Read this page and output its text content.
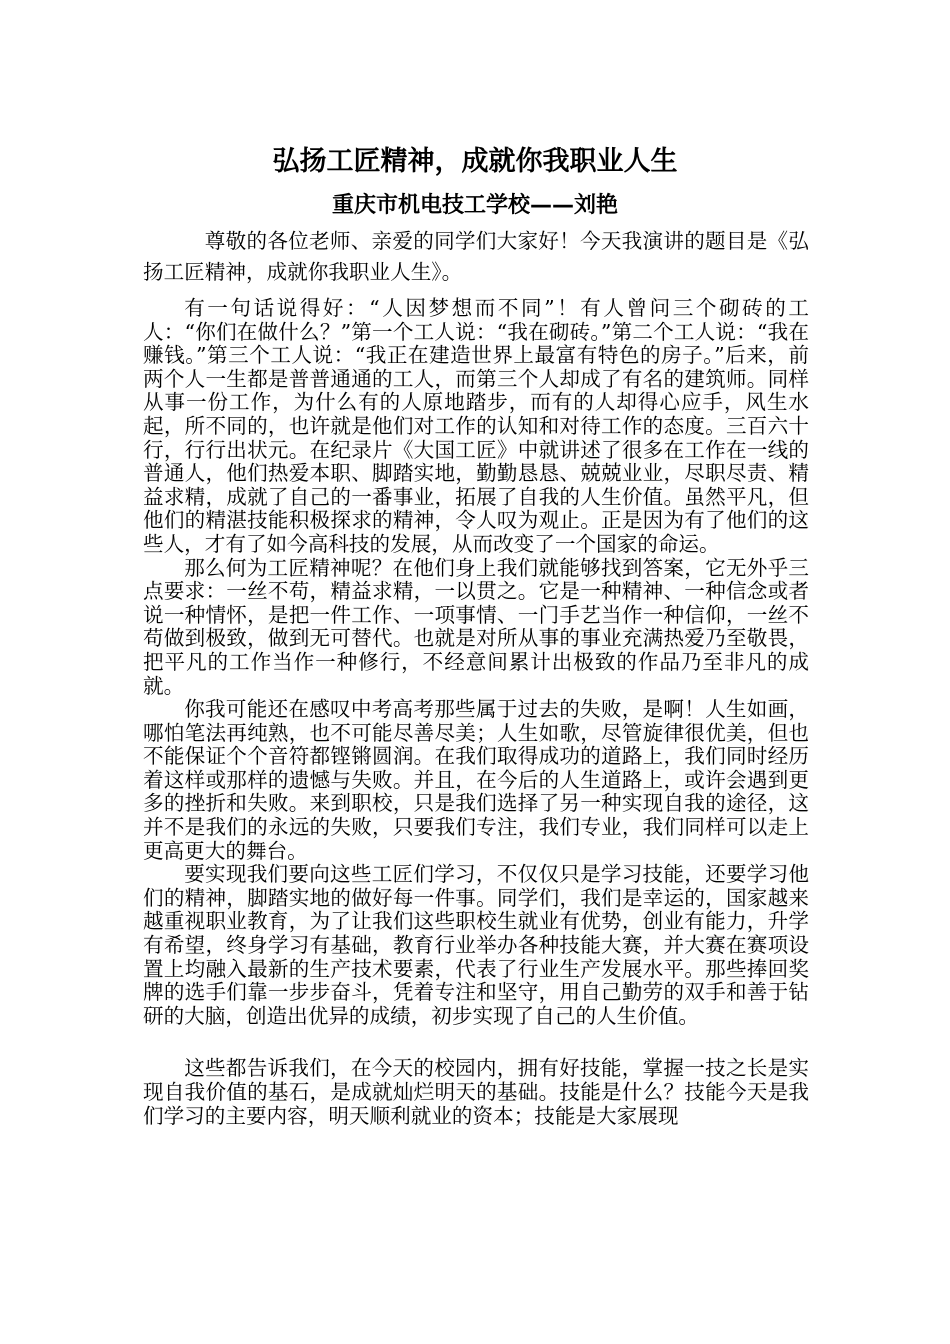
弘扬工匠精神，成就你我职业人生
重庆市机电技工学校——刘艳

尊敬的各位老师、亲爱的同学们大家好！今天我演讲的题目是《弘扬工匠精神，成就你我职业人生》。

有一句话说得好：“人因梦想而不同”！有人曾问三个砌砖的工人：“你们在做什么？”第一个工人说：“我在砌砖。”第二个工人说：“我在赚钱。”第三个工人说：“我正在建造世界上最富有特色的房子。”后来，前两个人一生都是普普通通的工人，而第三个人却成了有名的建筑师。同样从事一份工作，为什么有的人原地踏步，而有的人却得心应手，风生水起，所不同的，也许就是他们对工作的认知和对待工作的态度。三百六十行，行行出状元。在纪录片《大国工匠》中就讲述了很多在工作在一线的普通人，他们热爱本职、脚踏实地，勤勤恳恳、兢兢业业，尽职尽责、精益求精，成就了自己的一番事业，拓展了自我的人生价值。虽然平凡，但他们的精湛技能积极探求的精神，令人叹为观止。正是因为有了他们的这些人，才有了如今高科技的发展，从而改变了一个国家的命运。

那么何为工匠精神呢？在他们身上我们就能够找到答案，它无外乎三点要求：一丝不苟，精益求精，一以贯之。它是一种精神、一种信念或者说一种情怀，是把一件工作、一项事情、一门手艺当作一种信仰，一丝不苟做到极致，做到无可替代。也就是对所从事的事业充满热爱乃至敬畏，把平凡的工作当作一种修行，不经意间累计出极致的作品乃至非凡的成就。

你我可能还在感叹中考高考那些属于过去的失败，是啊！人生如画，哪怕笔法再纯熟，也不可能尽善尽美；人生如歌，尽管旋律很优美，但也不能保证个个音符都铿锵圆润。在我们取得成功的道路上，我们同时经历着这样或那样的遗憾与失败。并且，在今后的人生道路上，或许会遇到更多的挫折和失败。来到职校，只是我们选择了另一种实现自我的途径，这并不是我们的永远的失败，只要我们专注，我们专业，我们同样可以走上更高更大的舞台。

要实现我们要向这些工匠们学习，不仅仅只是学习技能，还要学习他们的精神，脚踏实地的做好每一件事。同学们，我们是幸运的，国家越来越重视职业教育，为了让我们这些职校生就业有优势，创业有能力，升学有希望，终身学习有基础，教育行业举办各种技能大赛，并大赛在赛项设置上均融入最新的生产技术要素，代表了行业生产发展水平。那些捧回奖牌的选手们靠一步步奋斗，凭着专注和坚守，用自己勤劳的双手和善于钻研的大脑，创造出优异的成绩，初步实现了自己的人生价值。

这些都告诉我们，在今天的校园内，拥有好技能，掌握一技之长是实现自我价值的基石，是成就灿烂明天的基础。技能是什么？技能今天是我们学习的主要内容，明天顺利就业的资本；技能是大家展现
